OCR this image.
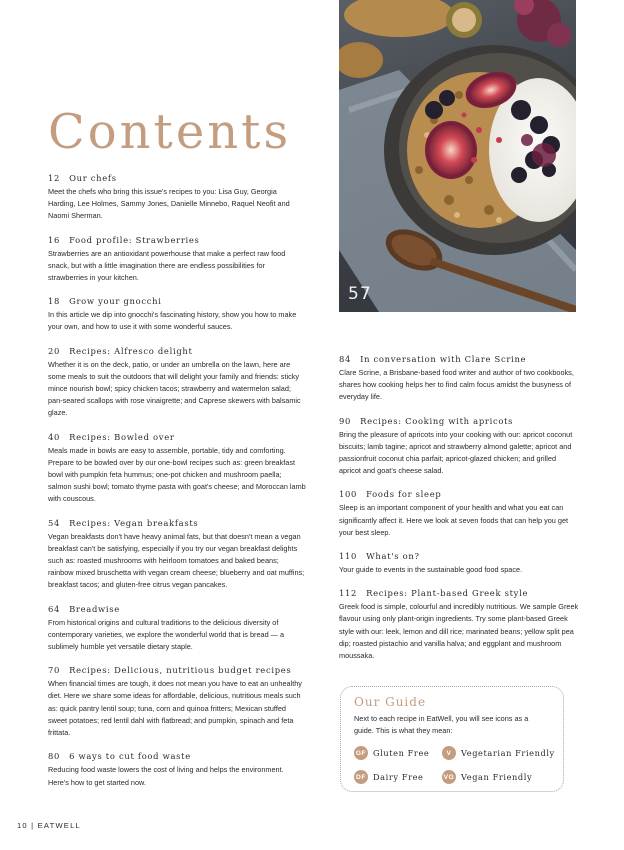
57
Contents
12 Our chefs
Meet the chefs who bring this issue's recipes to you: Lisa Guy, Georgia Harding, Lee Holmes, Sammy Jones, Danielle Minnebo, Raquel Neofit and Naomi Sherman.
16 Food profile: Strawberries
Strawberries are an antioxidant powerhouse that make a perfect raw food snack, but with a little imagination there are endless possibilities for strawberries in your kitchen.
18 Grow your gnocchi
In this article we dip into gnocchi's fascinating history, show you how to make your own, and how to use it with some wonderful sauces.
20 Recipes: Alfresco delight
Whether it is on the deck, patio, or under an umbrella on the lawn, here are some meals to suit the outdoors that will delight your family and friends: sticky mince nourish bowl; spicy chicken tacos; strawberry and watermelon salad; pan-seared scallops with rose vinaigrette; and Caprese skewers with balsamic glaze.
40 Recipes: Bowled over
Meals made in bowls are easy to assemble, portable, tidy and comforting. Prepare to be bowled over by our one-bowl recipes such as: green breakfast bowl with pumpkin feta hummus; one-pot chicken and mushroom paella; salmon sushi bowl; tomato thyme pasta with goat's cheese; and Moroccan lamb with couscous.
54 Recipes: Vegan breakfasts
Vegan breakfasts don't have heavy animal fats, but that doesn't mean a vegan breakfast can't be satisfying, especially if you try our vegan breakfast delights such as: roasted mushrooms with heirloom tomatoes and baked beans; rainbow mixed bruschetta with vegan cream cheese; blueberry and oat muffins; breakfast tacos; and gluten-free citrus vegan pancakes.
64 Breadwise
From historical origins and cultural traditions to the delicious diversity of contemporary varieties, we explore the wonderful world that is bread — a sublimely humble yet versatile dietary staple.
70 Recipes: Delicious, nutritious budget recipes
When financial times are tough, it does not mean you have to eat an unhealthy diet. Here we share some ideas for affordable, delicious, nutritious meals such as: quick pantry lentil soup; tuna, corn and quinoa fritters; Mexican stuffed sweet potatoes; red lentil dahl with flatbread; and pumpkin, spinach and feta frittata.
80 6 ways to cut food waste
Reducing food waste lowers the cost of living and helps the environment. Here's how to get started now.
84 In conversation with Clare Scrine
Clare Scrine, a Brisbane-based food writer and author of two cookbooks, shares how cooking helps her to find calm focus amidst the busyness of everyday life.
90 Recipes: Cooking with apricots
Bring the pleasure of apricots into your cooking with our: apricot coconut biscuits; lamb tagine; apricot and strawberry almond galette; apricot and passionfruit coconut chia parfait; apricot-glazed chicken; and grilled apricot and goat's cheese salad.
100 Foods for sleep
Sleep is an important component of your health and what you eat can significantly affect it. Here we look at seven foods that can help you get your best sleep.
110 What's on?
Your guide to events in the sustainable good food space.
112 Recipes: Plant-based Greek style
Greek food is simple, colourful and incredibly nutritious. We sample Greek flavour using only plant-origin ingredients. Try some plant-based Greek style with our: leek, lemon and dill rice; marinated beans; yellow split pea dip; roasted pistachio and vanilla halva; and eggplant and mushroom moussaka.
Our Guide
Next to each recipe in EatWell, you will see icons as a guide. This is what they mean:
GF Gluten Free	V	Vegetarian Friendly
DF Dairy Free	VG Vegan Friendly
10 | EATWELL
